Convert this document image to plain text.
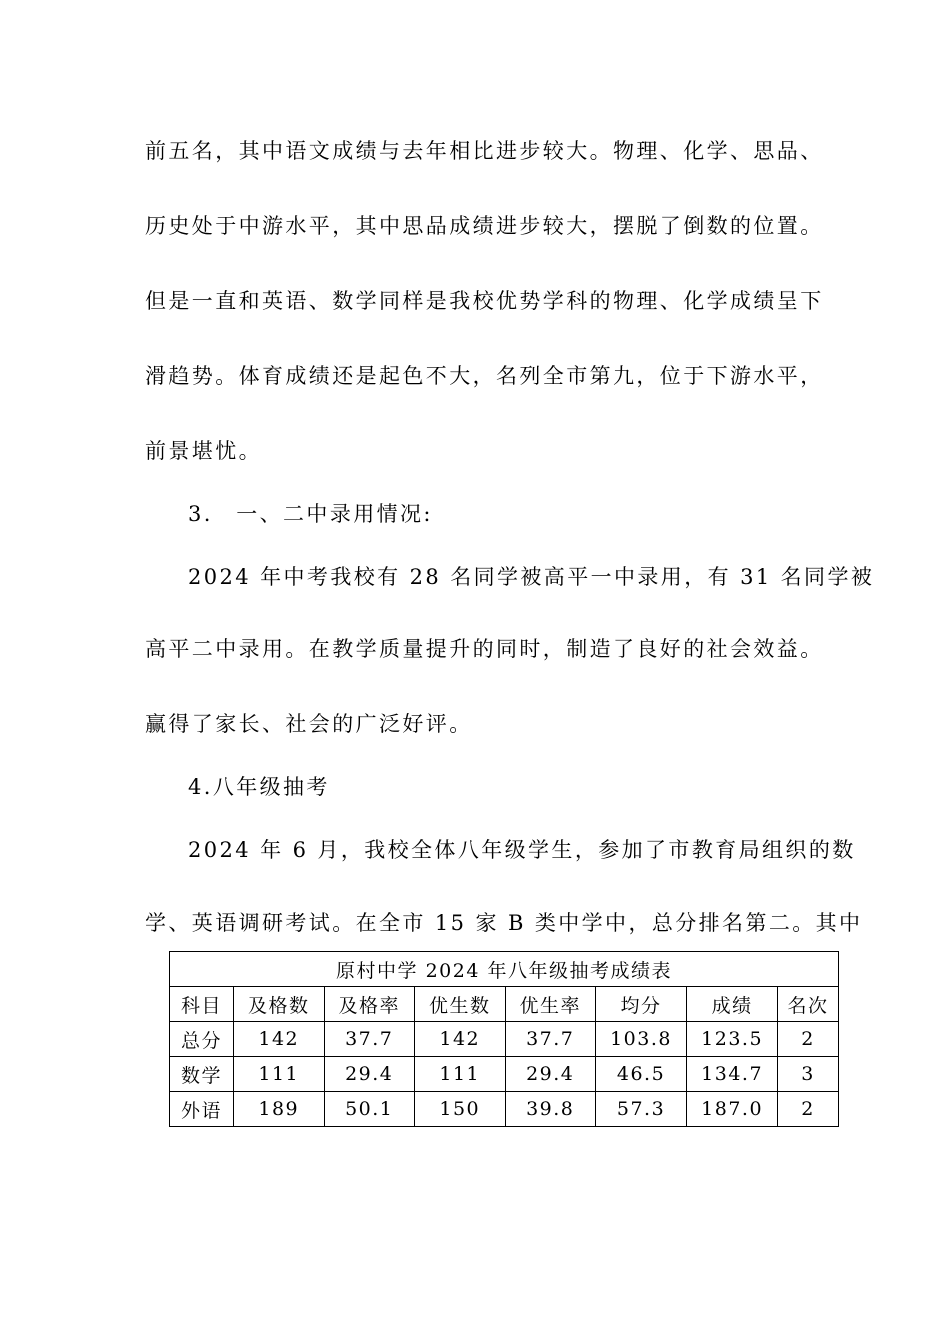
前五名，其中语文成绩与去年相比进步较大。物理、化学、思品、

历史处于中游水平，其中思品成绩进步较大，摆脱了倒数的位置。

但是一直和英语、数学同样是我校优势学科的物理、化学成绩呈下

滑趋势。体育成绩还是起色不大，名列全市第九，位于下游水平，

前景堪忧。

3.　一、二中录用情况:

2024 年中考我校有 28 名同学被高平一中录用，有 31 名同学被

高平二中录用。在教学质量提升的同时，制造了良好的社会效益。

赢得了家长、社会的广泛好评。

4.八年级抽考

2024 年 6 月，我校全体八年级学生，参加了市教育局组织的数

学、英语调研考试。在全市 15 家 B 类中学中，总分排名第二。其中

原村中学 2024 年八年级抽考成绩表							
科目	及格数	及格率	优生数	优生率	均分	成绩	名次
总分	142	37.7	142	37.7	103.8	123.5	2
数学	111	29.4	111	29.4	46.5	134.7	3
外语	189	50.1	150	39.8	57.3	187.0	2
